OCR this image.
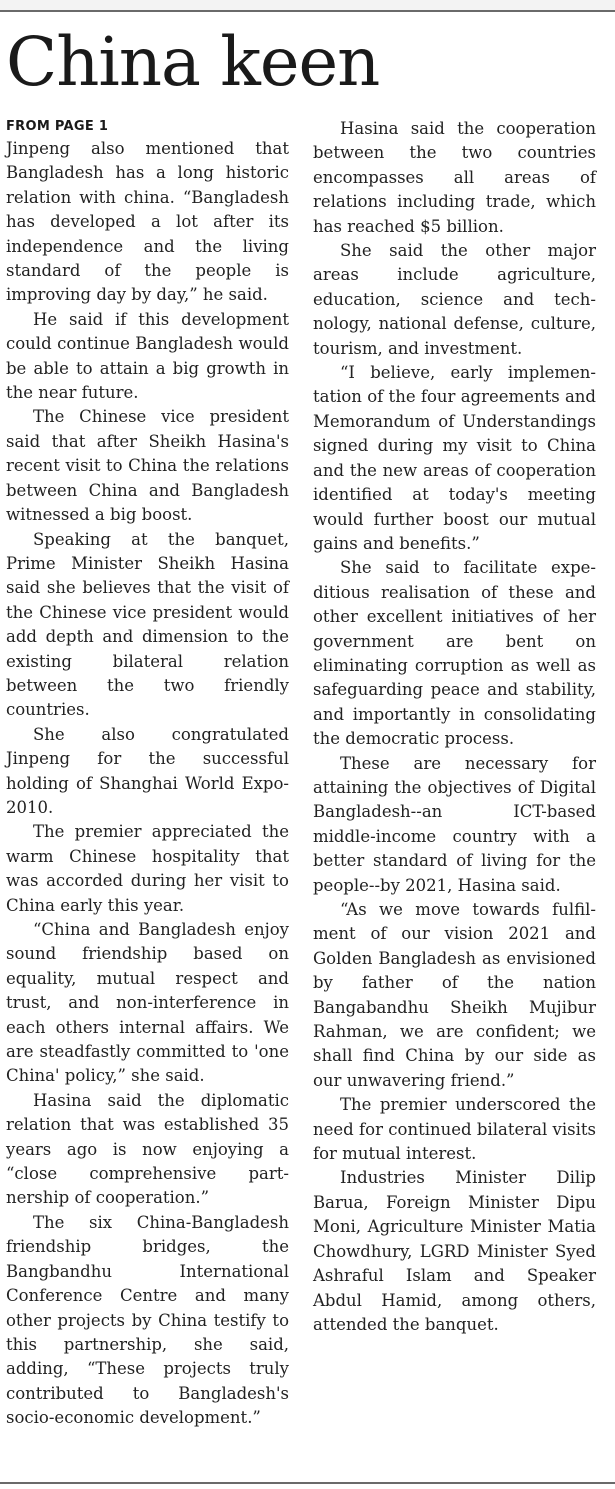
China keen
FROM PAGE 1

Jinpeng also mentioned that Bangladesh has a long historic relation with china. “Bangladesh has developed a lot after its independence and the living standard of the people is improving day by day,” he said.

He said if this development could continue Bangladesh would be able to attain a big growth in the near future.

The Chinese vice president said that after Sheikh Hasina's recent visit to China the relations between China and Bangladesh witnessed a big boost.

Speaking at the banquet, Prime Minister Sheikh Hasina said she believes that the visit of the Chinese vice president would add depth and dimension to the existing bilateral relation between the two friendly countries.

She also congratulated Jinpeng for the successful holding of Shanghai World Expo-2010.

The premier appreciated the warm Chinese hospitality that was accorded during her visit to China early this year.

“China and Bangladesh enjoy sound friendship based on equality, mutual respect and trust, and non-interference in each others internal affairs. We are steadfastly committed to 'one China' policy,” she said.

Hasina said the diplomatic relation that was established 35 years ago is now enjoying a “close comprehensive partnership of cooperation.”

The six China-Bangladesh friendship bridges, the Bangbandhu International Conference Centre and many other projects by China testify to this partnership, she said, adding, “These projects truly contributed to Bangladesh's socio-economic development.”

Hasina said the cooperation between the two countries encompasses all areas of relations including trade, which has reached $5 billion.

She said the other major areas include agriculture, education, science and technology, national defense, culture, tourism, and investment.

“I believe, early implementation of the four agreements and Memorandum of Understandings signed during my visit to China and the new areas of cooperation identified at today's meeting would further boost our mutual gains and benefits.”

She said to facilitate expeditious realisation of these and other excellent initiatives of her government are bent on eliminating corruption as well as safeguarding peace and stability, and importantly in consolidating the democratic process.

These are necessary for attaining the objectives of Digital Bangladesh--an ICT-based middle-income country with a better standard of living for the people--by 2021, Hasina said.

“As we move towards fulfilment of our vision 2021 and Golden Bangladesh as envisioned by father of the nation Bangabandhu Sheikh Mujibur Rahman, we are confident; we shall find China by our side as our unwavering friend.”

The premier underscored the need for continued bilateral visits for mutual interest.

Industries Minister Dilip Barua, Foreign Minister Dipu Moni, Agriculture Minister Matia Chowdhury, LGRD Minister Syed Ashraful Islam and Speaker Abdul Hamid, among others, attended the banquet.
